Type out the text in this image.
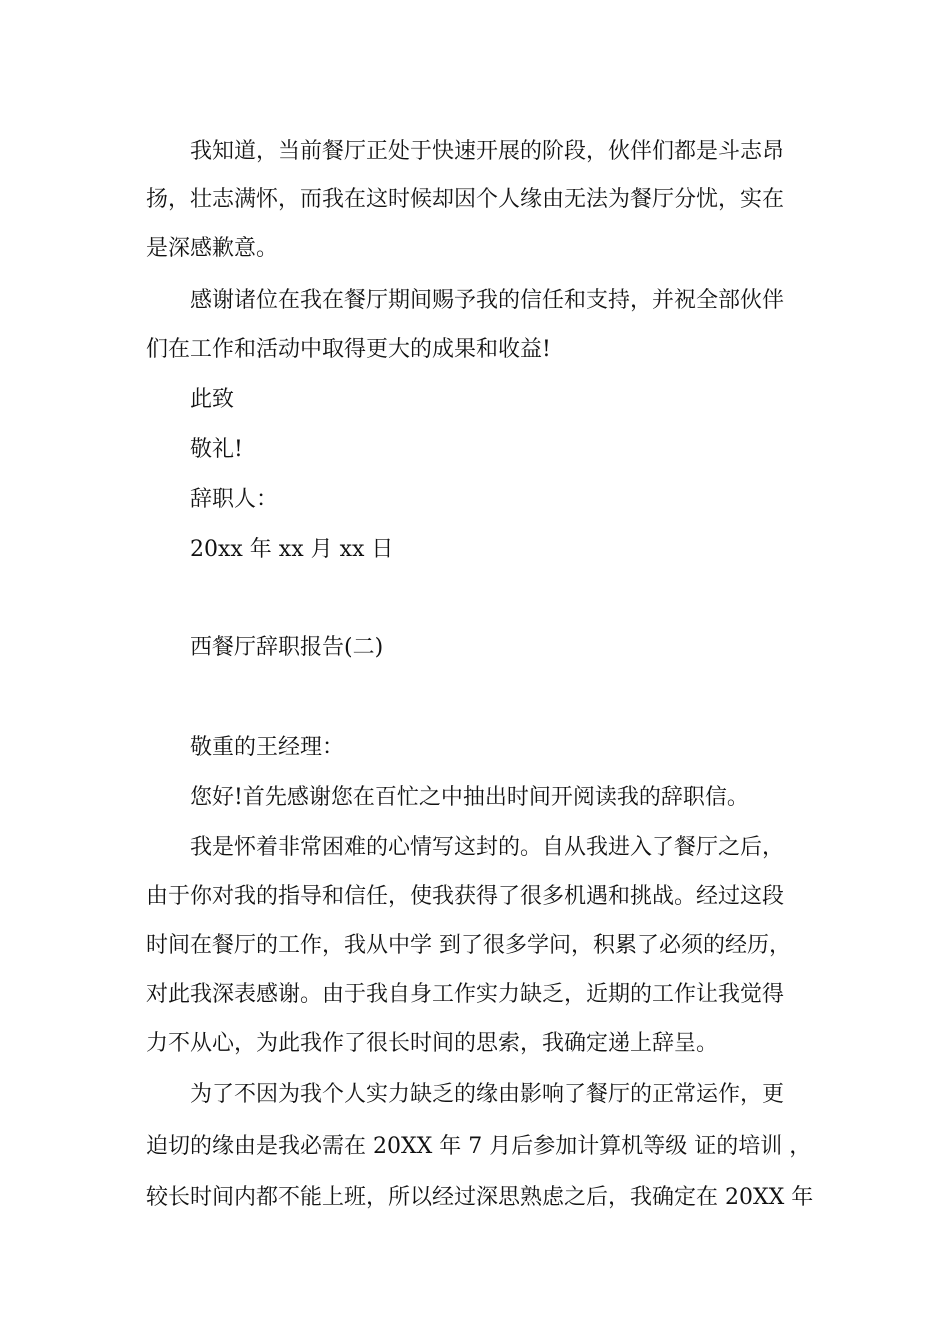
我知道，当前餐厅正处于快速开展的阶段，伙伴们都是斗志昂
扬，壮志满怀，而我在这时候却因个人缘由无法为餐厅分忧，实在
是深感歉意。
感谢诸位在我在餐厅期间赐予我的信任和支持，并祝全部伙伴
们在工作和活动中取得更大的成果和收益!
此致
敬礼!
辞职人：
20xx 年 xx 月 xx 日
西餐厅辞职报告(二)
敬重的王经理：
您好!首先感谢您在百忙之中抽出时间开阅读我的辞职信。
我是怀着非常困难的心情写这封的。自从我进入了餐厅之后，
由于你对我的指导和信任，使我获得了很多机遇和挑战。经过这段
时间在餐厅的工作，我从中学 到了很多学问，积累了必须的经历，
对此我深表感谢。由于我自身工作实力缺乏，近期的工作让我觉得
力不从心，为此我作了很长时间的思索，我确定递上辞呈。
为了不因为我个人实力缺乏的缘由影响了餐厅的正常运作，更
迫切的缘由是我必需在 20XX 年 7 月后参加计算机等级 证的培训 ，
较长时间内都不能上班，所以经过深思熟虑之后，我确定在 20XX 年
